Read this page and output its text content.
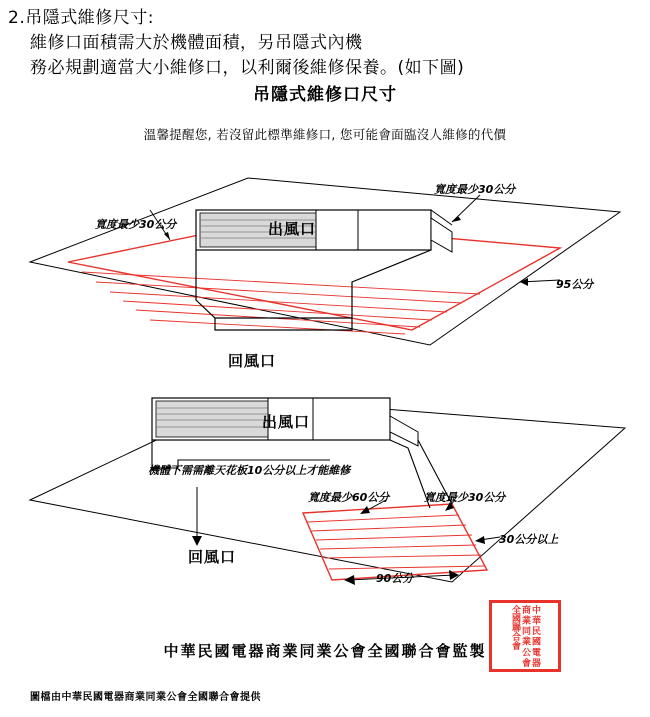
2.吊隱式維修尺寸:
維修口面積需大於機體面積，另吊隱式內機
務必規劃適當大小維修口，以利爾後維修保養。(如下圖)
吊隱式維修口尺寸
溫馨提醒您, 若沒留此標準維修口, 您可能會面臨沒人維修的代價
寬度最少30公分
寬度最少30公分
95公分
出風口
回風口
出風口
機體下需需離天花板10公分以上才能維修
寬度最少60公分	寬度最少30公分
30公分以上
90公分
回風口
中華民國電器商業同業公會全國聯合會
中華民國電器商業同業公會全國聯合會監製
圖檔由中華民國電器商業同業公會全國聯合會提供
